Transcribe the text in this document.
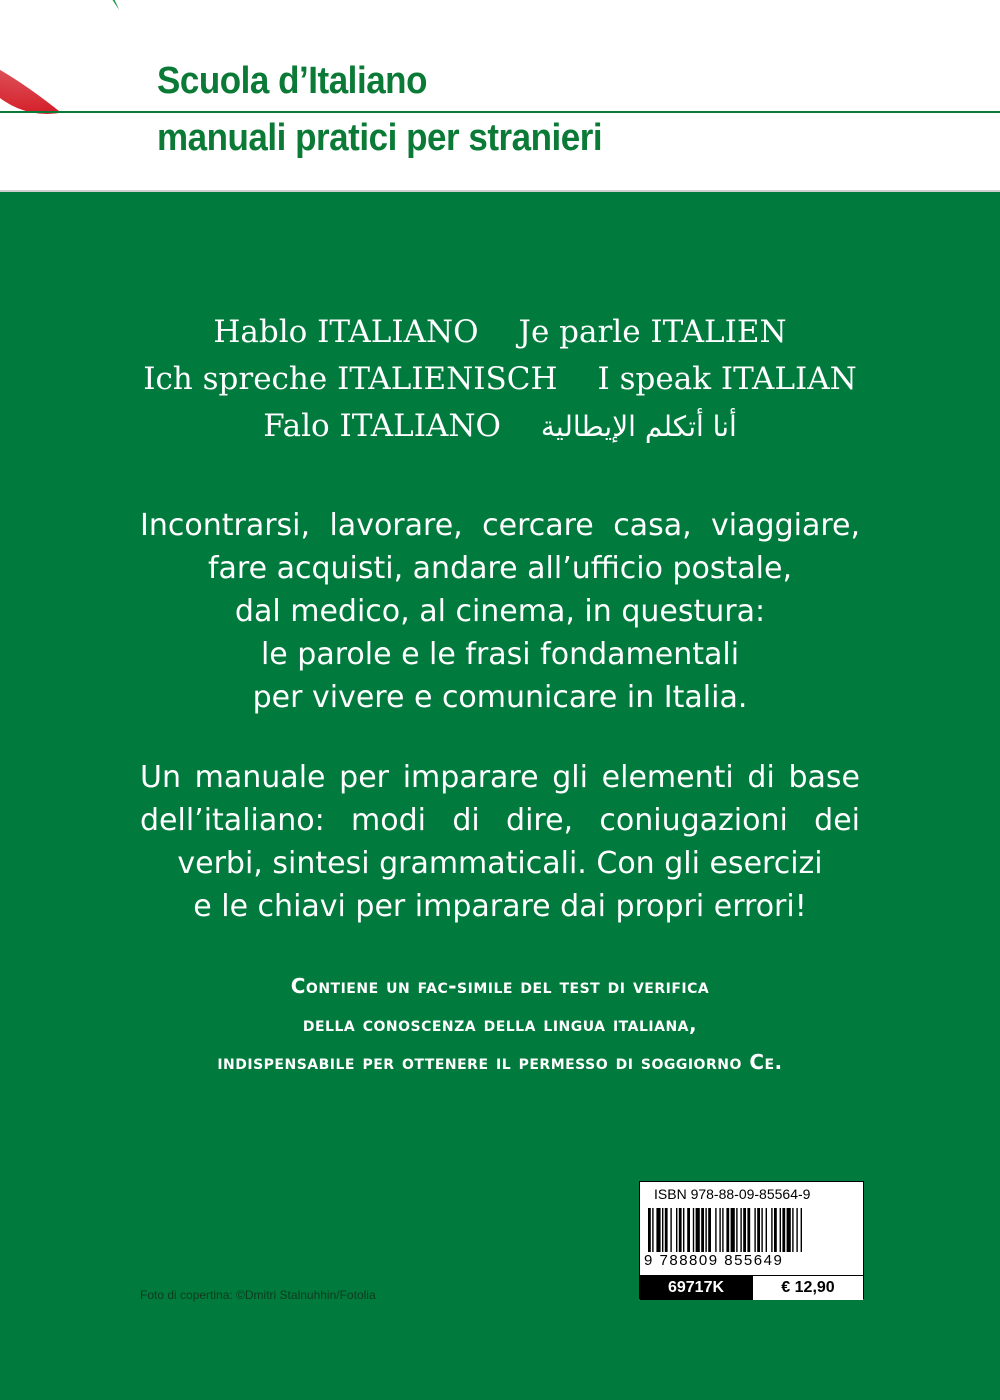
Scuola d’Italiano
manuali pratici per stranieri
Hablo ITALIANO Je parle ITALIEN
Ich spreche ITALIENISCH I speak ITALIAN
Falo ITALIANO أنا أتكلم الإيطالية
Incontrarsi, lavorare, cercare casa, viaggiare,
fare acquisti, andare all’ufficio postale,
dal medico, al cinema, in questura:
le parole e le frasi fondamentali
per vivere e comunicare in Italia.
Un manuale per imparare gli elementi di base
dell’italiano: modi di dire, coniugazioni dei
verbi, sintesi grammaticali. Con gli esercizi
e le chiavi per imparare dai propri errori!
Contiene un fac-simile del test di verifica
della conoscenza della lingua italiana,
indispensabile per ottenere il permesso di soggiorno Ce.
Foto di copertina: ©Dmitri Stalnuhhin/Fotolia
ISBN 978-88-09-85564-9
9 788809 855649
69717K	€ 12,90
